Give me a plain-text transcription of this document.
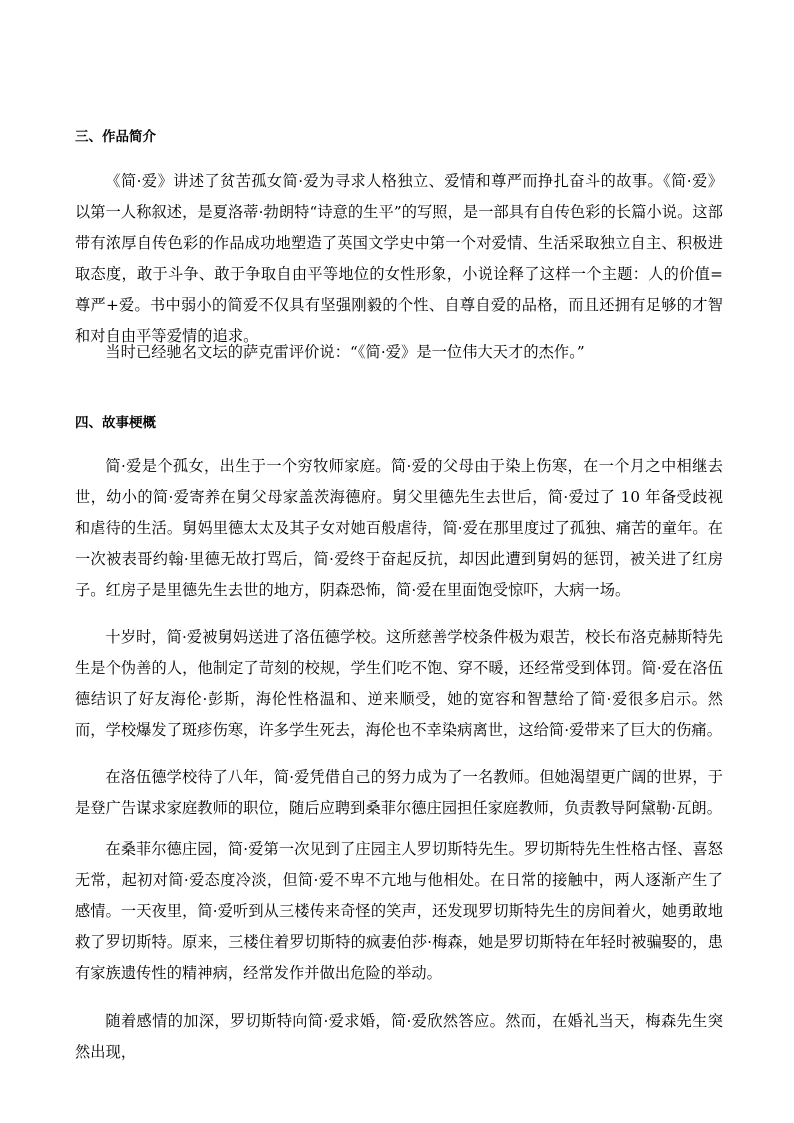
三、作品简介

《简·爱》讲述了贫苦孤女简·爱为寻求人格独立、爱情和尊严而挣扎奋斗的故事。《简·爱》以第一人称叙述，是夏洛蒂·勃朗特“诗意的生平”的写照，是一部具有自传色彩的长篇小说。这部带有浓厚自传色彩的作品成功地塑造了英国文学史中第一个对爱情、生活采取独立自主、积极进取态度，敢于斗争、敢于争取自由平等地位的女性形象，小说诠释了这样一个主题：人的价值=尊严+爱。书中弱小的简爱不仅具有坚强刚毅的个性、自尊自爱的品格，而且还拥有足够的才智和对自由平等爱情的追求。

当时已经驰名文坛的萨克雷评价说：“《简·爱》是一位伟大天才的杰作。”

四、故事梗概

简·爱是个孤女，出生于一个穷牧师家庭。简·爱的父母由于染上伤寒，在一个月之中相继去世，幼小的简·爱寄养在舅父母家盖茨海德府。舅父里德先生去世后，简·爱过了 10 年备受歧视和虐待的生活。舅妈里德太太及其子女对她百般虐待，简·爱在那里度过了孤独、痛苦的童年。在一次被表哥约翰·里德无故打骂后，简·爱终于奋起反抗，却因此遭到舅妈的惩罚，被关进了红房子。红房子是里德先生去世的地方，阴森恐怖，简·爱在里面饱受惊吓，大病一场。

十岁时，简·爱被舅妈送进了洛伍德学校。这所慈善学校条件极为艰苦，校长布洛克赫斯特先生是个伪善的人，他制定了苛刻的校规，学生们吃不饱、穿不暖，还经常受到体罚。简·爱在洛伍德结识了好友海伦·彭斯，海伦性格温和、逆来顺受，她的宽容和智慧给了简·爱很多启示。然而，学校爆发了斑疹伤寒，许多学生死去，海伦也不幸染病离世，这给简·爱带来了巨大的伤痛。

在洛伍德学校待了八年，简·爱凭借自己的努力成为了一名教师。但她渴望更广阔的世界，于是登广告谋求家庭教师的职位，随后应聘到桑菲尔德庄园担任家庭教师，负责教导阿黛勒·瓦朗。

在桑菲尔德庄园，简·爱第一次见到了庄园主人罗切斯特先生。罗切斯特先生性格古怪、喜怒无常，起初对简·爱态度冷淡，但简·爱不卑不亢地与他相处。在日常的接触中，两人逐渐产生了感情。一天夜里，简·爱听到从三楼传来奇怪的笑声，还发现罗切斯特先生的房间着火，她勇敢地救了罗切斯特。原来，三楼住着罗切斯特的疯妻伯莎·梅森，她是罗切斯特在年轻时被骗娶的，患有家族遗传性的精神病，经常发作并做出危险的举动。

随着感情的加深，罗切斯特向简·爱求婚，简·爱欣然答应。然而，在婚礼当天，梅森先生突然出现，
